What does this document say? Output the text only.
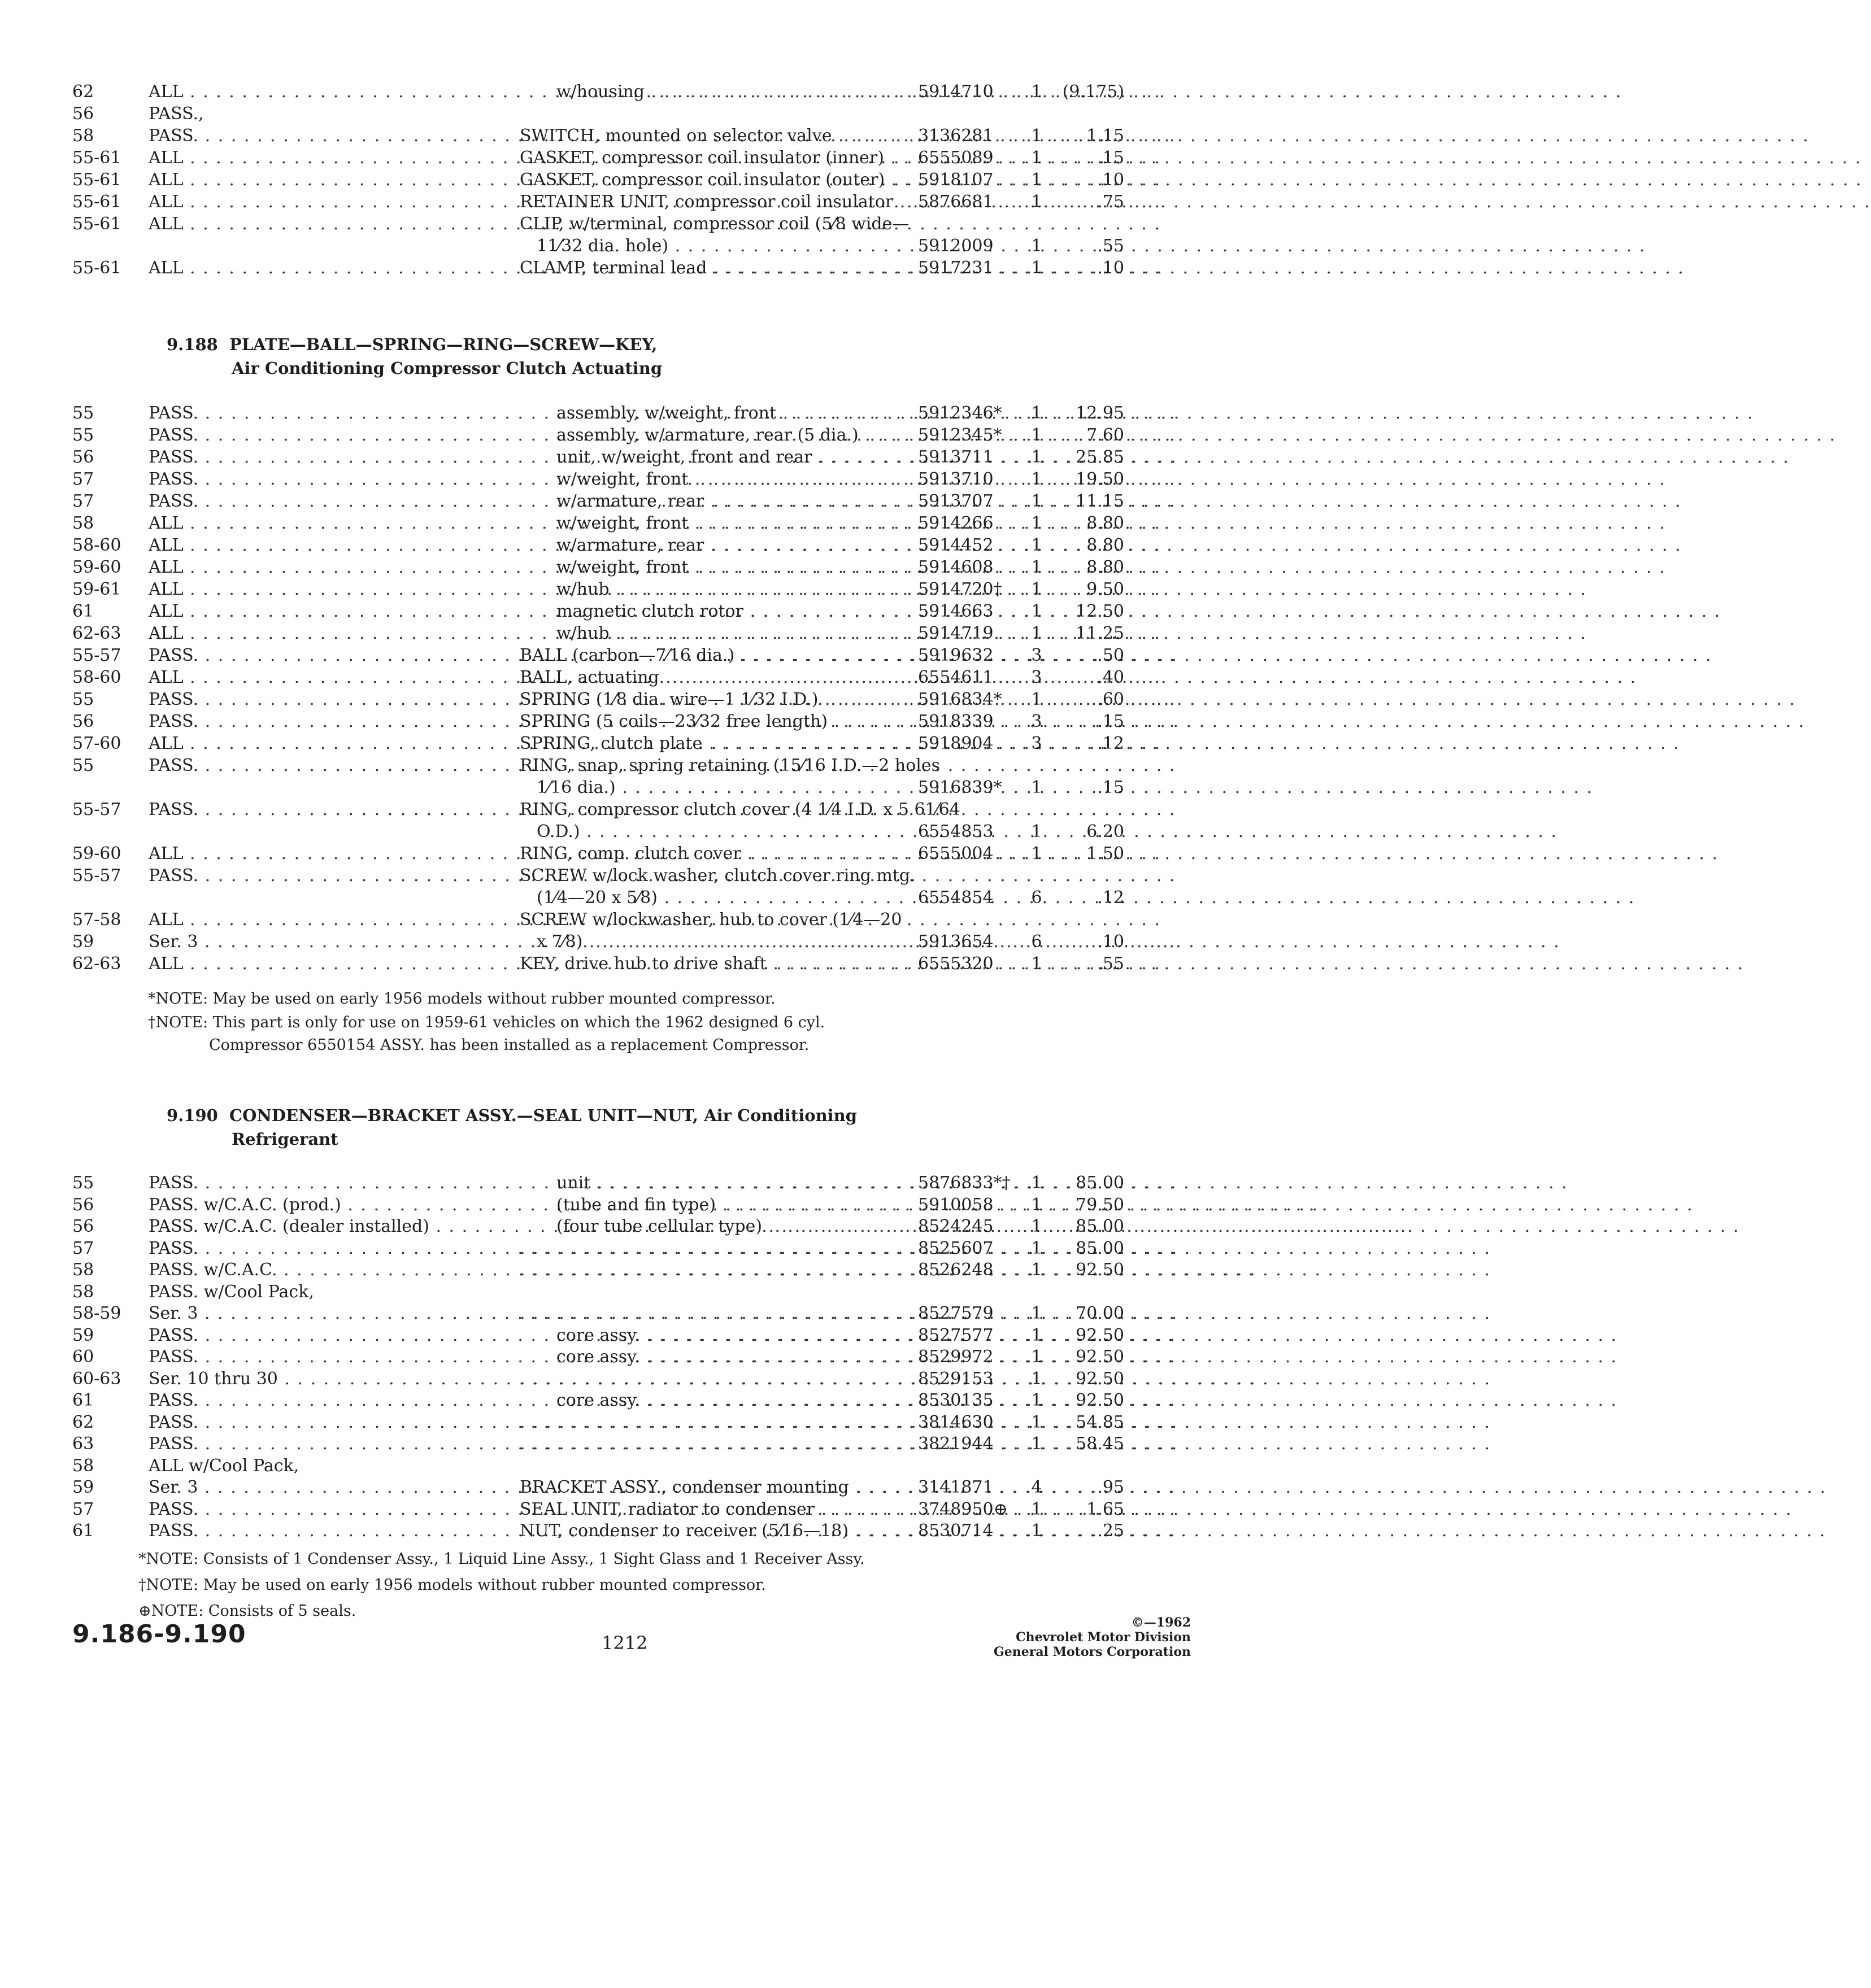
62	ALL . . .	w/housing . . .	5914710	1	(9.175)
56	PASS.,
58	PASS. . . .	SWITCH, mounted on selector valve . . .	3136281	1	1.15
55-61	ALL . . .	GASKET, compressor coil insulator (inner) . . .	6555089	1	.15
55-61	ALL . . .	GASKET, compressor coil insulator (outer) . . .	5918107	1	.10
55-61	ALL . . .	RETAINER UNIT, compressor coil insulator . . .	5876681	1	.75
55-61	ALL . . .	CLIP, w/terminal, compressor coil (5⁄8 wide—
11⁄32 dia. hole) . . .	5912009	1	.55
55-61	ALL . . .	CLAMP, terminal lead . . .	5917231	1	.10
9.188 PLATE—BALL—SPRING—RING—SCREW—KEY,
Air Conditioning Compressor Clutch Actuating
55	PASS. . . .	assembly, w/weight, front . . .	5912346*	1	12.95
55	PASS. . . .	assembly, w/armature, rear (5 dia.) . . .	5912345*	1	7.60
56	PASS. . . .	unit, w/weight, front and rear . . .	5913711	1	25.85
57	PASS. . . .	w/weight, front . . .	5913710	1	19.50
57	PASS. . . .	w/armature, rear . . .	5913707	1	11.15
58	ALL . . .	w/weight, front . . .	5914266	1	8.80
58-60	ALL . . .	w/armature, rear . . .	5914452	1	8.80
59-60	ALL . . .	w/weight, front . . .	5914608	1	8.80
59-61	ALL . . .	w/hub . . .	5914720†	1	9.50
61	ALL . . .	magnetic clutch rotor . . .	5914663	1	12.50
62-63	ALL . . .	w/hub . . .	5914719	1	11.25
55-57	PASS. . . .	BALL (carbon—7⁄16 dia.) . . .	5919632	3	.50
58-60	ALL . . .	BALL, actuating . . .	6554611	3	.40
55	PASS. . . .	SPRING (1⁄8 dia. wire—1 1⁄32 I.D.) . . .	5916834*	1	.60
56	PASS. . . .	SPRING (5 coils—23⁄32 free length) . . .	5918339	3	.15
57-60	ALL . . .	SPRING, clutch plate . . .	5918904	3	.12
55	PASS. . . .	RING, snap, spring retaining (15⁄16 I.D.—2 holes
1⁄16 dia.) . . .	5916839*	1	.15
55-57	PASS. . . .	RING, compressor clutch cover (4 1⁄4 I.D. x 5 61⁄64
O.D.) . . .	6554853	1	6.20
59-60	ALL . . .	RING, comp. clutch cover . . .	6555004	1	1.50
55-57	PASS. . . .	SCREW w/lock washer, clutch cover ring mtg.
(1⁄4—20 x 5⁄8) . . .	6554854	6	.12
57-58	ALL . . .	SCREW w/lockwasher, hub to cover (1⁄4—20
59	Ser. 3 . . .	x 7⁄8) . . .	5913654	6	.10
62-63	ALL . . .	KEY, drive hub to drive shaft . . .	6555320	1	.55
*NOTE: May be used on early 1956 models without rubber mounted compressor.
†NOTE: This part is only for use on 1959-61 vehicles on which the 1962 designed 6 cyl.
Compressor 6550154 ASSY. has been installed as a replacement Compressor.
9.190 CONDENSER—BRACKET ASSY.—SEAL UNIT—NUT, Air Conditioning
Refrigerant
55	PASS. . . .	unit . . .	5876833*†	1	85.00
56	PASS. w/C.A.C. (prod.) . . .	(tube and fin type) . . .	5910058	1	79.50
56	PASS. w/C.A.C. (dealer installed) . . .	(four tube cellular type) . . .	8524245	1	85.00
57	PASS. . . . . . .	8525607	1	85.00
58	PASS. w/C.A.C. . . . . . .	8526248	1	92.50
58	PASS. w/Cool Pack,
58-59	Ser. 3 . . . . . .	8527579	1	70.00
59	PASS. . . .	core assy. . . .	8527577	1	92.50
60	PASS. . . .	core assy. . . .	8529972	1	92.50
60-63	Ser. 10 thru 30 . . . . . .	8529153	1	92.50
61	PASS. . . .	core assy. . . .	8530135	1	92.50
62	PASS. . . . . . .	3814630	1	54.85
63	PASS. . . . . . .	3821944	1	58.45
58	ALL w/Cool Pack,
59	Ser. 3 . . .	BRACKET ASSY., condenser mounting . . .	3141871	4	.95
57	PASS. . . .	SEAL UNIT, radiator to condenser . . .	3748950⊕	1	1.65
61	PASS. . . .	NUT, condenser to receiver (5⁄16—18) . . .	8530714	1	.25
*NOTE: Consists of 1 Condenser Assy., 1 Liquid Line Assy., 1 Sight Glass and 1 Receiver Assy.
†NOTE: May be used on early 1956 models without rubber mounted compressor.
⊕NOTE: Consists of 5 seals.
9.186-9.190	1212
©—1962
Chevrolet Motor Division
General Motors Corporation
